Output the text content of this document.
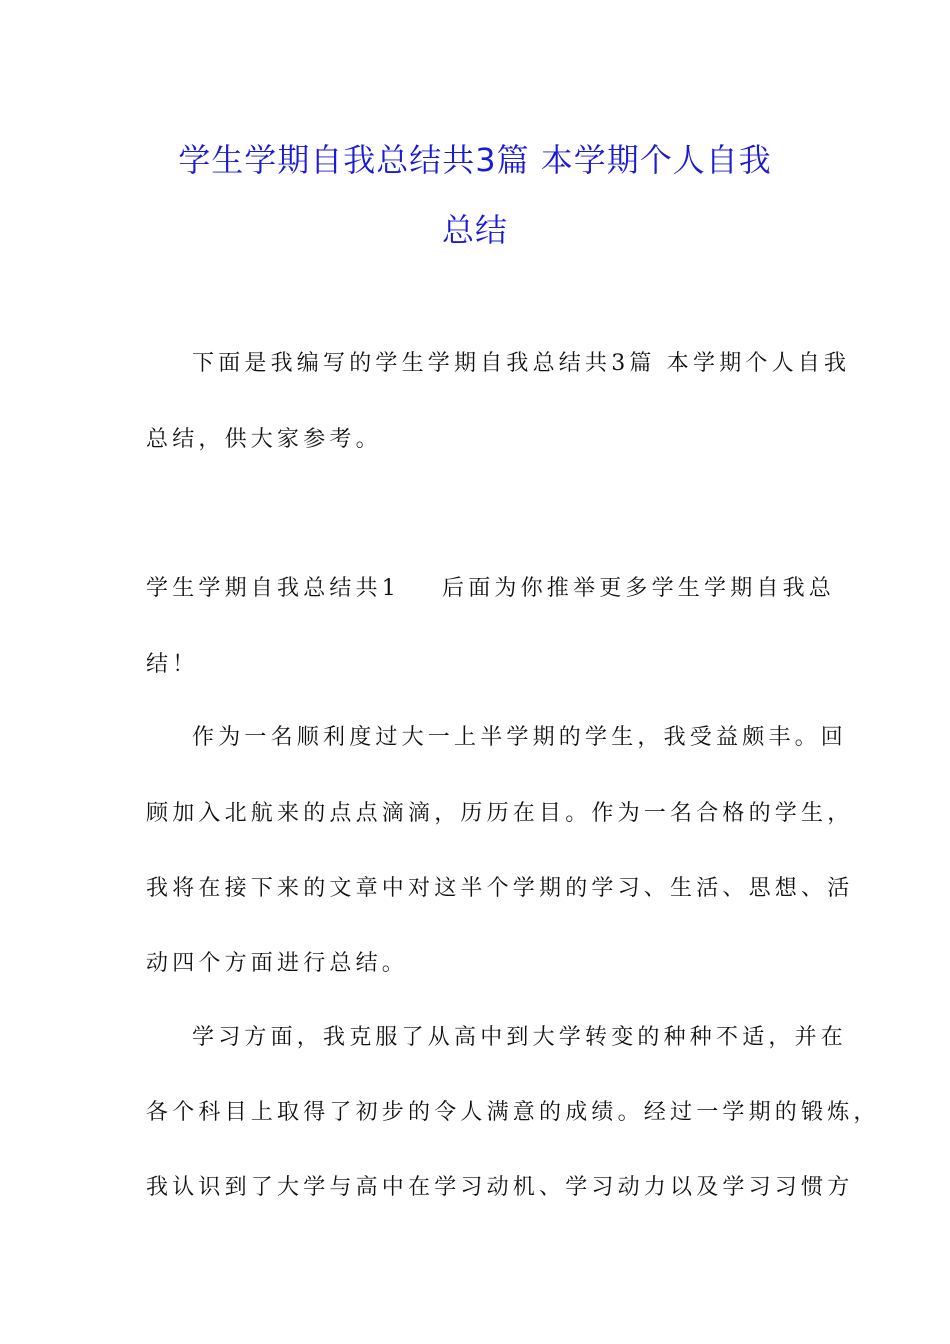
学生学期自我总结共3篇 本学期个人自我
总结
下面是我编写的学生学期自我总结共3篇 本学期个人自我
总结，供大家参考。
学生学期自我总结共1 后面为你推举更多学生学期自我总
结！
作为一名顺利度过大一上半学期的学生，我受益颇丰。回
顾加入北航来的点点滴滴，历历在目。作为一名合格的学生，
我将在接下来的文章中对这半个学期的学习、生活、思想、活
动四个方面进行总结。
学习方面，我克服了从高中到大学转变的种种不适，并在
各个科目上取得了初步的令人满意的成绩。经过一学期的锻炼，
我认识到了大学与高中在学习动机、学习动力以及学习习惯方
